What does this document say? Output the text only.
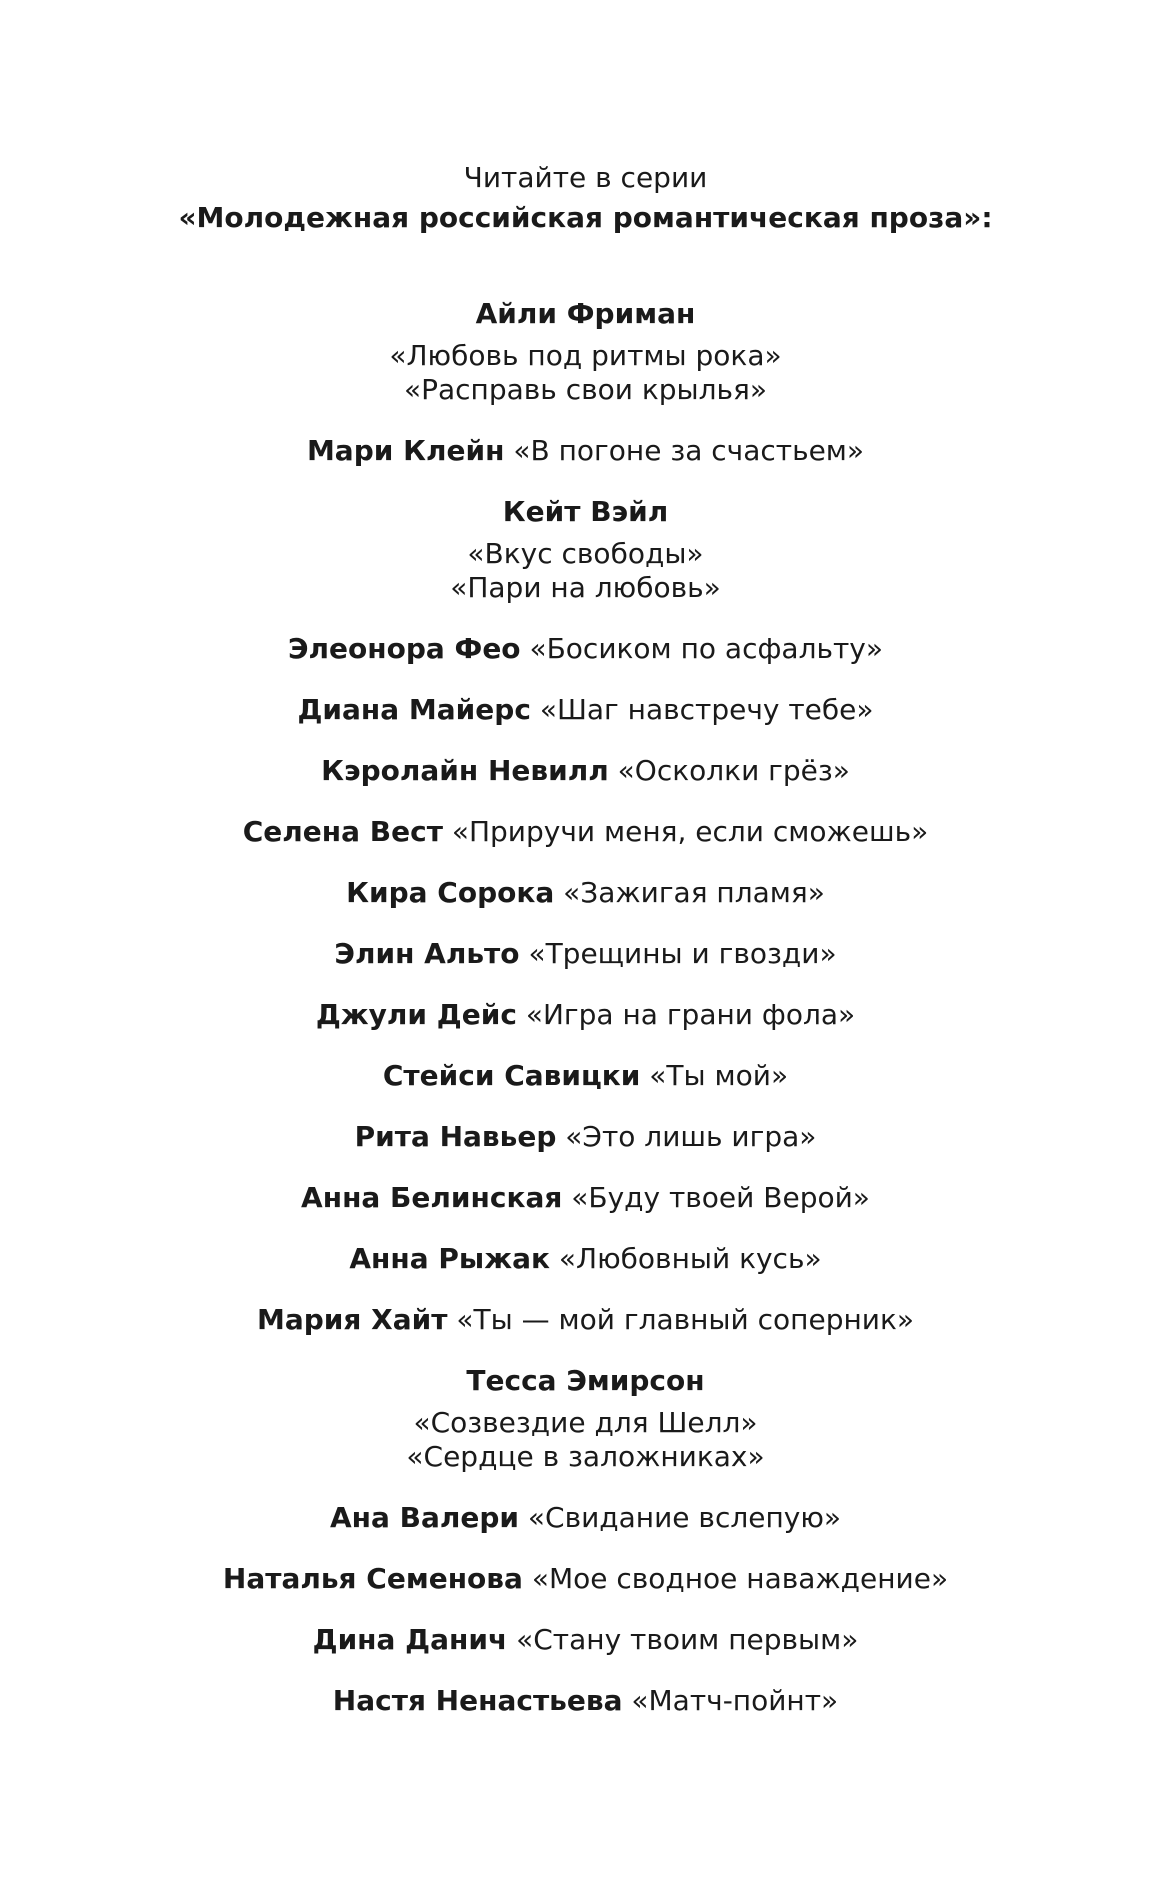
Читайте в серии
«Молодежная российская романтическая проза»:
Айли Фриман
«Любовь под ритмы рока»
«Расправь свои крылья»
Мари Клейн «В погоне за счастьем»
Кейт Вэйл
«Вкус свободы»
«Пари на любовь»
Элеонора Фео «Босиком по асфальту»
Диана Майерс «Шаг навстречу тебе»
Кэролайн Невилл «Осколки грёз»
Селена Вест «Приручи меня, если сможешь»
Кира Сорока «Зажигая пламя»
Элин Альто «Трещины и гвозди»
Джули Дейс «Игра на грани фола»
Стейси Савицки «Ты мой»
Рита Навьер «Это лишь игра»
Анна Белинская «Буду твоей Верой»
Анна Рыжак «Любовный кусь»
Мария Хайт «Ты — мой главный соперник»
Тесса Эмирсон
«Созвездие для Шелл»
«Сердце в заложниках»
Ана Валери «Свидание вслепую»
Наталья Семенова «Мое сводное наваждение»
Дина Данич «Стану твоим первым»
Настя Ненастьева «Матч-пойнт»
